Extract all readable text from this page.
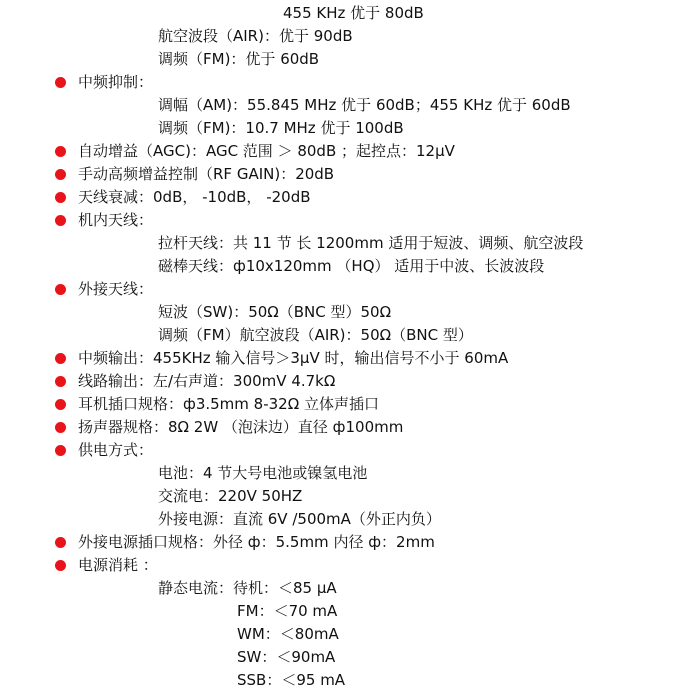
455 KHz 优于 80dB
航空波段（AIR)：优于 90dB
调频（FM)：优于 60dB
中频抑制：
调幅（AM)：55.845 MHz 优于 60dB；455 KHz 优于 60dB
调频（FM)：10.7 MHz 优于 100dB
自动增益（AGC)：AGC 范围 ＞ 80dB ；起控点：12μV
手动高频增益控制（RF GAIN)：20dB
天线衰减：0dB， -10dB， -20dB
机内天线：
拉杆天线：共 11 节 长 1200mm 适用于短波、调频、航空波段
磁棒天线：ф10x120mm （HQ） 适用于中波、长波波段
外接天线：
短波（SW)：50Ω（BNC 型）50Ω
调频（FM）航空波段（AIR)：50Ω（BNC 型）
中频输出：455KHz 输入信号＞3μV 时，输出信号不小于 60mA
线路输出：左/右声道：300mV 4.7kΩ
耳机插口规格：ф3.5mm 8-32Ω 立体声插口
扬声器规格：8Ω 2W （泡沫边）直径 ф100mm
供电方式：
电池：4 节大号电池或镍氢电池
交流电：220V 50HZ
外接电源：直流 6V /500mA（外正内负）
外接电源插口规格：外径 ф：5.5mm 内径 ф：2mm
电源消耗 ：
静态电流：待机：＜85 μA
FM：＜70 mA
WM：＜80mA
SW：＜90mA
SSB：＜95 mA
